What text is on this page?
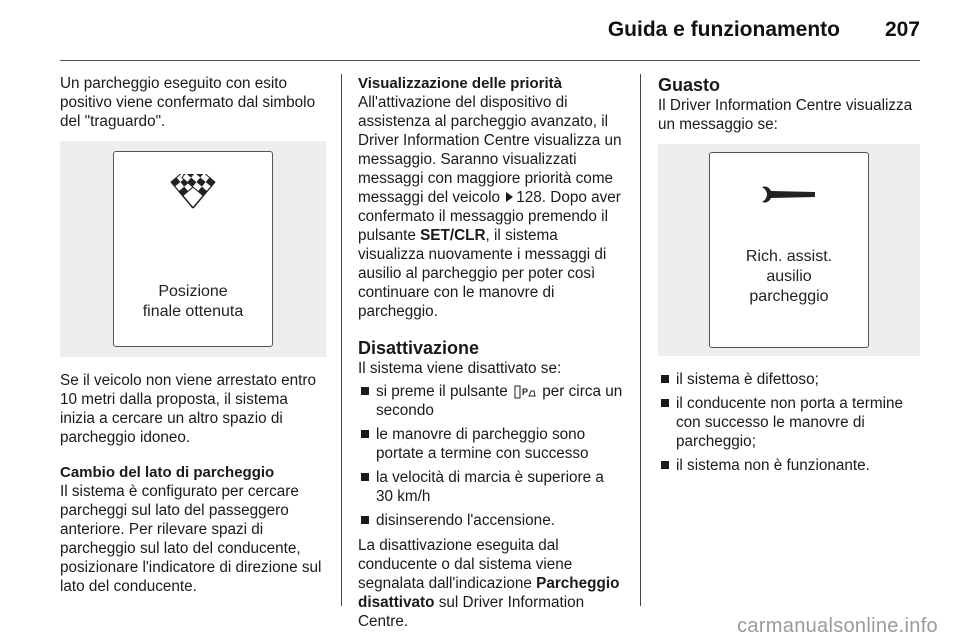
Guida e funzionamento	207

Un parcheggio eseguito con esito positivo viene confermato dal simbolo del "traguardo".

Posizione
finale ottenuta

Se il veicolo non viene arrestato entro 10 metri dalla proposta, il sistema inizia a cercare un altro spazio di parcheggio idoneo.

Cambio del lato di parcheggio

Il sistema è configurato per cercare parcheggi sul lato del passeggero anteriore. Per rilevare spazi di parcheggio sul lato del conducente, posizionare l'indicatore di direzione sul lato del conducente.

Visualizzazione delle priorità

All'attivazione del dispositivo di assistenza al parcheggio avanzato, il Driver Information Centre visualizza un messaggio. Saranno visualizzati messaggi con maggiore priorità come messaggi del veicolo 128. Dopo aver confermato il messaggio premendo il pulsante SET/CLR, il sistema visualizza nuovamente i messaggi di ausilio al parcheggio per poter così continuare con le manovre di parcheggio.

Disattivazione

Il sistema viene disattivato se:

si preme il pulsante P per circa un secondo
le manovre di parcheggio sono portate a termine con successo
la velocità di marcia è superiore a 30 km/h
disinserendo l'accensione.

La disattivazione eseguita dal conducente o dal sistema viene segnalata dall'indicazione Parcheggio disattivato sul Driver Information Centre.

Guasto

Il Driver Information Centre visualizza un messaggio se:

Rich. assist.
ausilio
parcheggio
il sistema è difettoso;
il conducente non porta a termine con successo le manovre di parcheggio;
il sistema non è funzionante.
carmanualsonline.info
